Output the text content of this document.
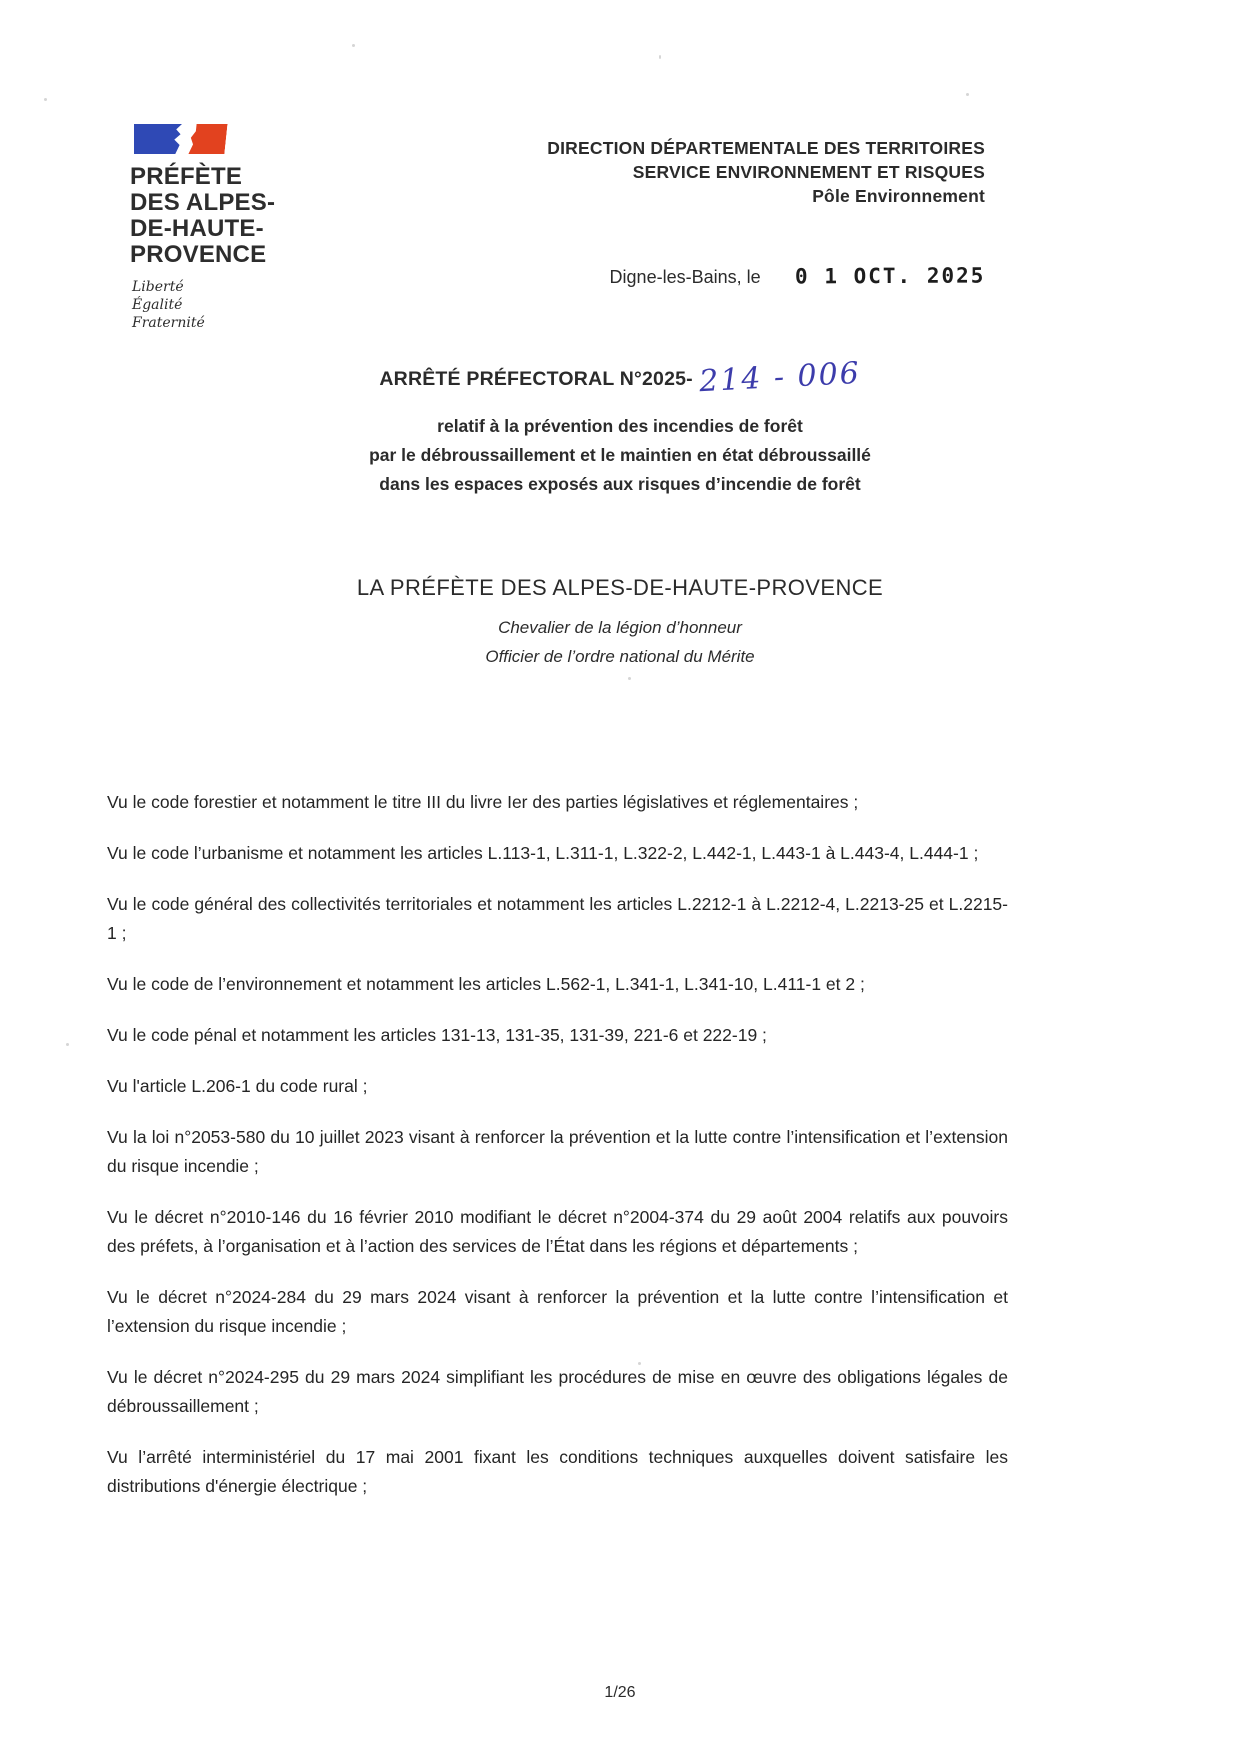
PRÉFÈTE
DES ALPES-
DE-HAUTE-
PROVENCE
Liberté
Égalité
Fraternité
DIRECTION DÉPARTEMENTALE DES TERRITOIRES
SERVICE ENVIRONNEMENT ET RISQUES
Pôle Environnement
Digne-les-Bains, le 0 1 OCT. 2025
ARRÊTÉ PRÉFECTORAL N°2025- 214 - 006
relatif à la prévention des incendies de forêt
par le débroussaillement et le maintien en état débroussaillé
dans les espaces exposés aux risques d’incendie de forêt
LA PRÉFÈTE DES ALPES-DE-HAUTE-PROVENCE
Chevalier de la légion d’honneur
Officier de l’ordre national du Mérite

Vu le code forestier et notamment le titre III du livre Ier des parties législatives et réglementaires ;

Vu le code l’urbanisme et notamment les articles L.113-1, L.311-1, L.322-2, L.442-1, L.443-1 à L.443-4, L.444-1 ;

Vu le code général des collectivités territoriales et notamment les articles L.2212-1 à L.2212-4, L.2213-25 et L.2215-1 ;

Vu le code de l’environnement et notamment les articles L.562-1, L.341-1, L.341-10, L.411-1 et 2 ;

Vu le code pénal et notamment les articles 131-13, 131-35, 131-39, 221-6 et 222-19 ;

Vu l'article L.206-1 du code rural ;

Vu la loi n°2053-580 du 10 juillet 2023 visant à renforcer la prévention et la lutte contre l’intensification et l’extension du risque incendie ;

Vu le décret n°2010-146 du 16 février 2010 modifiant le décret n°2004-374 du 29 août 2004 relatifs aux pouvoirs des préfets, à l’organisation et à l’action des services de l’État dans les régions et départements ;

Vu le décret n°2024-284 du 29 mars 2024 visant à renforcer la prévention et la lutte contre l’intensification et l’extension du risque incendie ;

Vu le décret n°2024-295 du 29 mars 2024 simplifiant les procédures de mise en œuvre des obligations légales de débroussaillement ;

Vu l’arrêté interministériel du 17 mai 2001 fixant les conditions techniques auxquelles doivent satisfaire les distributions d'énergie électrique ;

1/26
